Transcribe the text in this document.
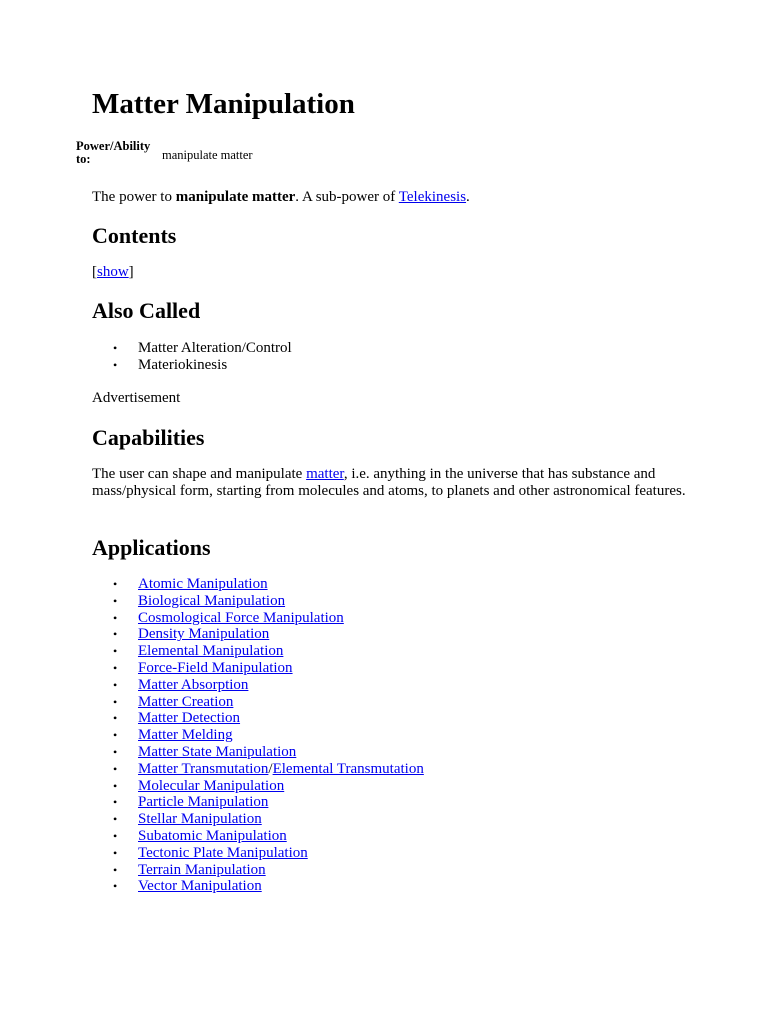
Matter Manipulation
Power/Ability to:	manipulate matter

The power to manipulate matter. A sub-power of Telekinesis.

Contents

[show]

Also Called
• Matter Alteration/Control
• Materiokinesis

Advertisement

Capabilities

The user can shape and manipulate matter, i.e. anything in the universe that has substance and mass/physical form, starting from molecules and atoms, to planets and other astronomical features.

Applications
• Atomic Manipulation
• Biological Manipulation
• Cosmological Force Manipulation
• Density Manipulation
• Elemental Manipulation
• Force-Field Manipulation
• Matter Absorption
• Matter Creation
• Matter Detection
• Matter Melding
• Matter State Manipulation
• Matter Transmutation/Elemental Transmutation
• Molecular Manipulation
• Particle Manipulation
• Stellar Manipulation
• Subatomic Manipulation
• Tectonic Plate Manipulation
• Terrain Manipulation
• Vector Manipulation
